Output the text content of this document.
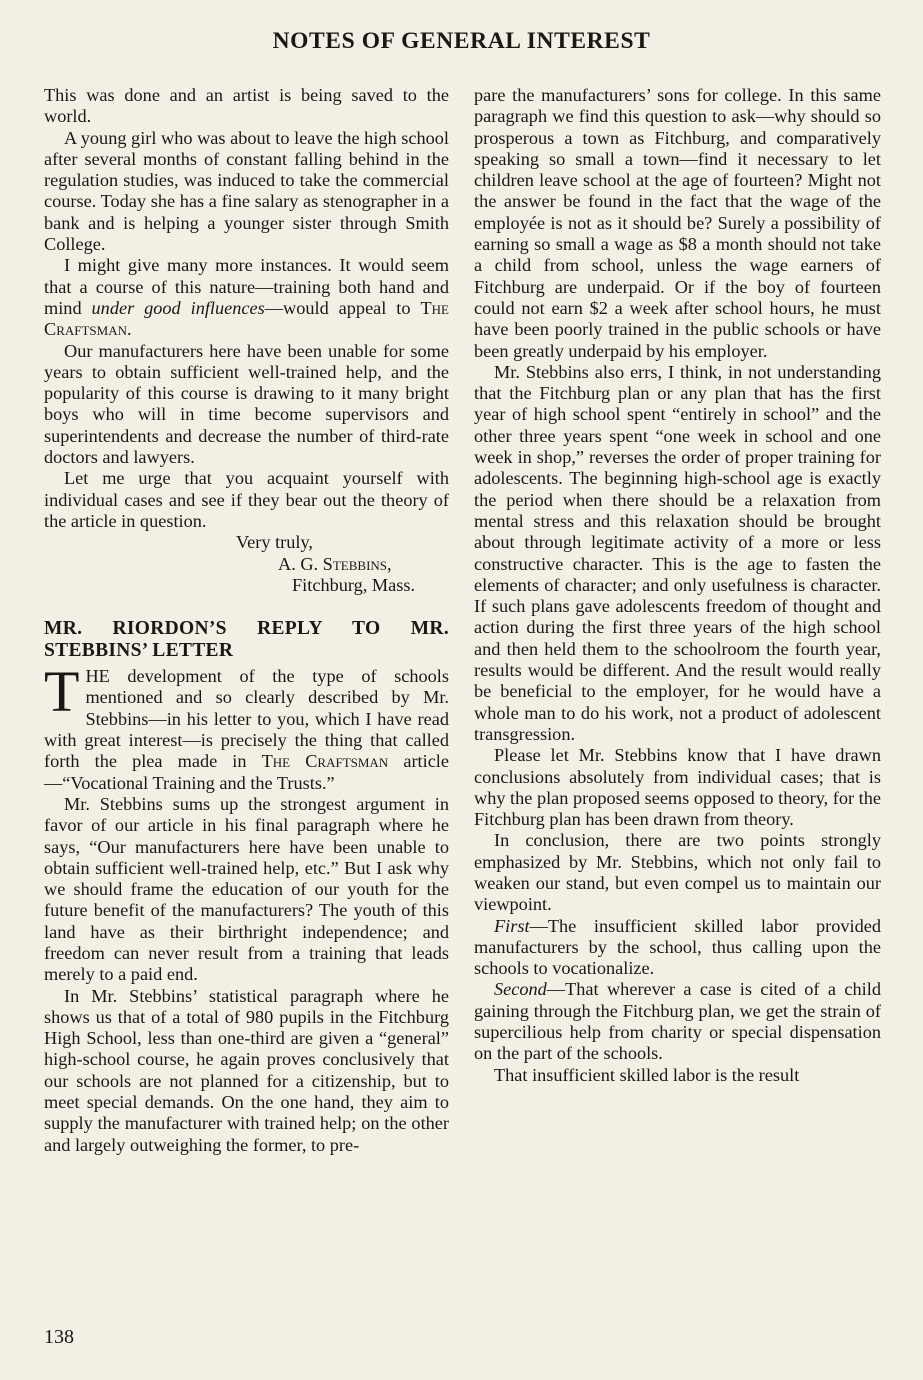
NOTES OF GENERAL INTEREST

This was done and an artist is being saved to the world.

A young girl who was about to leave the high school after several months of constant falling behind in the regulation studies, was induced to take the commercial course. Today she has a fine salary as stenographer in a bank and is helping a younger sister through Smith College.

I might give many more instances. It would seem that a course of this nature—training both hand and mind under good influences—would appeal to The Craftsman.

Our manufacturers here have been unable for some years to obtain sufficient well-trained help, and the popularity of this course is drawing to it many bright boys who will in time become supervisors and superintendents and decrease the number of third-rate doctors and lawyers.

Let me urge that you acquaint yourself with individual cases and see if they bear out the theory of the article in question.

Very truly,

A. G. Stebbins,

Fitchburg, Mass.

MR. RIORDON’S REPLY TO MR. STEBBINS’ LETTER

THE development of the type of schools mentioned and so clearly described by Mr. Stebbins—in his letter to you, which I have read with great interest—is precisely the thing that called forth the plea made in The Craftsman article—“Vocational Training and the Trusts.”

Mr. Stebbins sums up the strongest argument in favor of our article in his final paragraph where he says, “Our manufacturers here have been unable to obtain sufficient well-trained help, etc.” But I ask why we should frame the education of our youth for the future benefit of the manufacturers? The youth of this land have as their birthright independence; and freedom can never result from a training that leads merely to a paid end.

In Mr. Stebbins’ statistical paragraph where he shows us that of a total of 980 pupils in the Fitchburg High School, less than one-third are given a “general” high-school course, he again proves conclusively that our schools are not planned for a citizenship, but to meet special demands. On the one hand, they aim to supply the manufacturer with trained help; on the other and largely outweighing the former, to pre-

pare the manufacturers’ sons for college. In this same paragraph we find this question to ask—why should so prosperous a town as Fitchburg, and comparatively speaking so small a town—find it necessary to let children leave school at the age of fourteen? Might not the answer be found in the fact that the wage of the employée is not as it should be? Surely a possibility of earning so small a wage as $8 a month should not take a child from school, unless the wage earners of Fitchburg are underpaid. Or if the boy of fourteen could not earn $2 a week after school hours, he must have been poorly trained in the public schools or have been greatly underpaid by his employer.

Mr. Stebbins also errs, I think, in not understanding that the Fitchburg plan or any plan that has the first year of high school spent “entirely in school” and the other three years spent “one week in school and one week in shop,” reverses the order of proper training for adolescents. The beginning high-school age is exactly the period when there should be a relaxation from mental stress and this relaxation should be brought about through legitimate activity of a more or less constructive character. This is the age to fasten the elements of character; and only usefulness is character. If such plans gave adolescents freedom of thought and action during the first three years of the high school and then held them to the schoolroom the fourth year, results would be different. And the result would really be beneficial to the employer, for he would have a whole man to do his work, not a product of adolescent transgression.

Please let Mr. Stebbins know that I have drawn conclusions absolutely from individual cases; that is why the plan proposed seems opposed to theory, for the Fitchburg plan has been drawn from theory.

In conclusion, there are two points strongly emphasized by Mr. Stebbins, which not only fail to weaken our stand, but even compel us to maintain our viewpoint.

First—The insufficient skilled labor provided manufacturers by the school, thus calling upon the schools to vocationalize.

Second—That wherever a case is cited of a child gaining through the Fitchburg plan, we get the strain of supercilious help from charity or special dispensation on the part of the schools.

That insufficient skilled labor is the result

138
